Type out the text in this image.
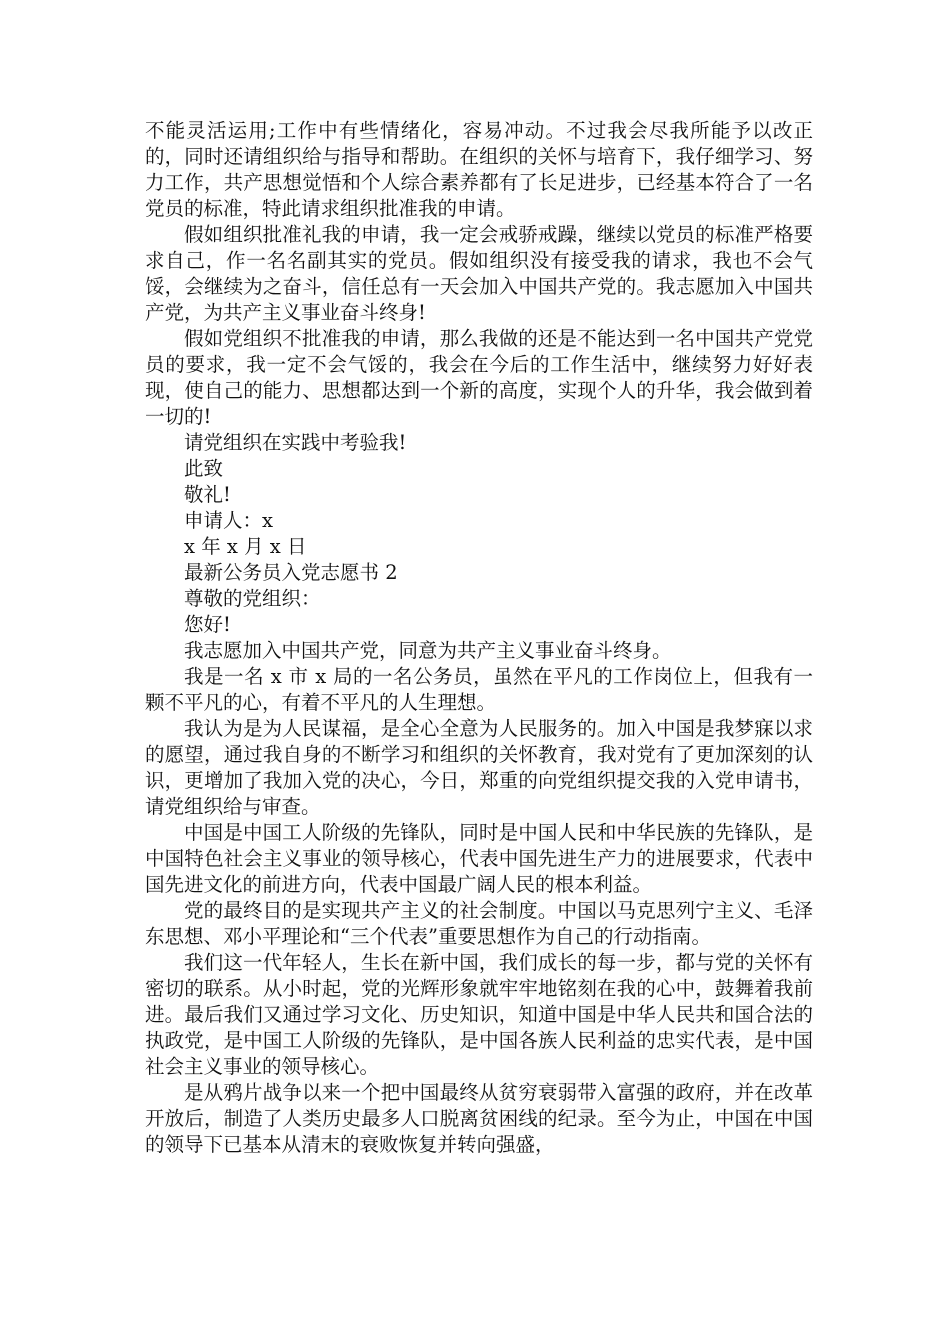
不能灵活运用;工作中有些情绪化，容易冲动。不过我会尽我所能予以改正的，同时还请组织给与指导和帮助。在组织的关怀与培育下，我仔细学习、努力工作，共产思想觉悟和个人综合素养都有了长足进步，已经基本符合了一名党员的标准，特此请求组织批准我的申请。

假如组织批准礼我的申请，我一定会戒骄戒躁，继续以党员的标准严格要求自己，作一名名副其实的党员。假如组织没有接受我的请求，我也不会气馁，会继续为之奋斗，信任总有一天会加入中国共产党的。我志愿加入中国共产党，为共产主义事业奋斗终身!

假如党组织不批准我的申请，那么我做的还是不能达到一名中国共产党党员的要求，我一定不会气馁的，我会在今后的工作生活中，继续努力好好表现，使自己的能力、思想都达到一个新的高度，实现个人的升华，我会做到着一切的!

请党组织在实践中考验我!

此致

敬礼!

申请人：x

x 年 x 月 x 日

最新公务员入党志愿书 2

尊敬的党组织：

您好!

我志愿加入中国共产党，同意为共产主义事业奋斗终身。

我是一名 x 市 x 局的一名公务员，虽然在平凡的工作岗位上，但我有一颗不平凡的心，有着不平凡的人生理想。

我认为是为人民谋福，是全心全意为人民服务的。加入中国是我梦寐以求的愿望，通过我自身的不断学习和组织的关怀教育，我对党有了更加深刻的认识，更增加了我加入党的决心，今日，郑重的向党组织提交我的入党申请书，请党组织给与审查。

中国是中国工人阶级的先锋队，同时是中国人民和中华民族的先锋队，是中国特色社会主义事业的领导核心，代表中国先进生产力的进展要求，代表中国先进文化的前进方向，代表中国最广阔人民的根本利益。

党的最终目的是实现共产主义的社会制度。中国以马克思列宁主义、毛泽东思想、邓小平理论和“三个代表”重要思想作为自己的行动指南。

我们这一代年轻人，生长在新中国，我们成长的每一步，都与党的关怀有密切的联系。从小时起，党的光辉形象就牢牢地铭刻在我的心中，鼓舞着我前进。最后我们又通过学习文化、历史知识，知道中国是中华人民共和国合法的执政党，是中国工人阶级的先锋队，是中国各族人民利益的忠实代表，是中国社会主义事业的领导核心。

是从鸦片战争以来一个把中国最终从贫穷衰弱带入富强的政府，并在改革开放后，制造了人类历史最多人口脱离贫困线的纪录。至今为止，中国在中国的领导下已基本从清末的衰败恢复并转向强盛，
